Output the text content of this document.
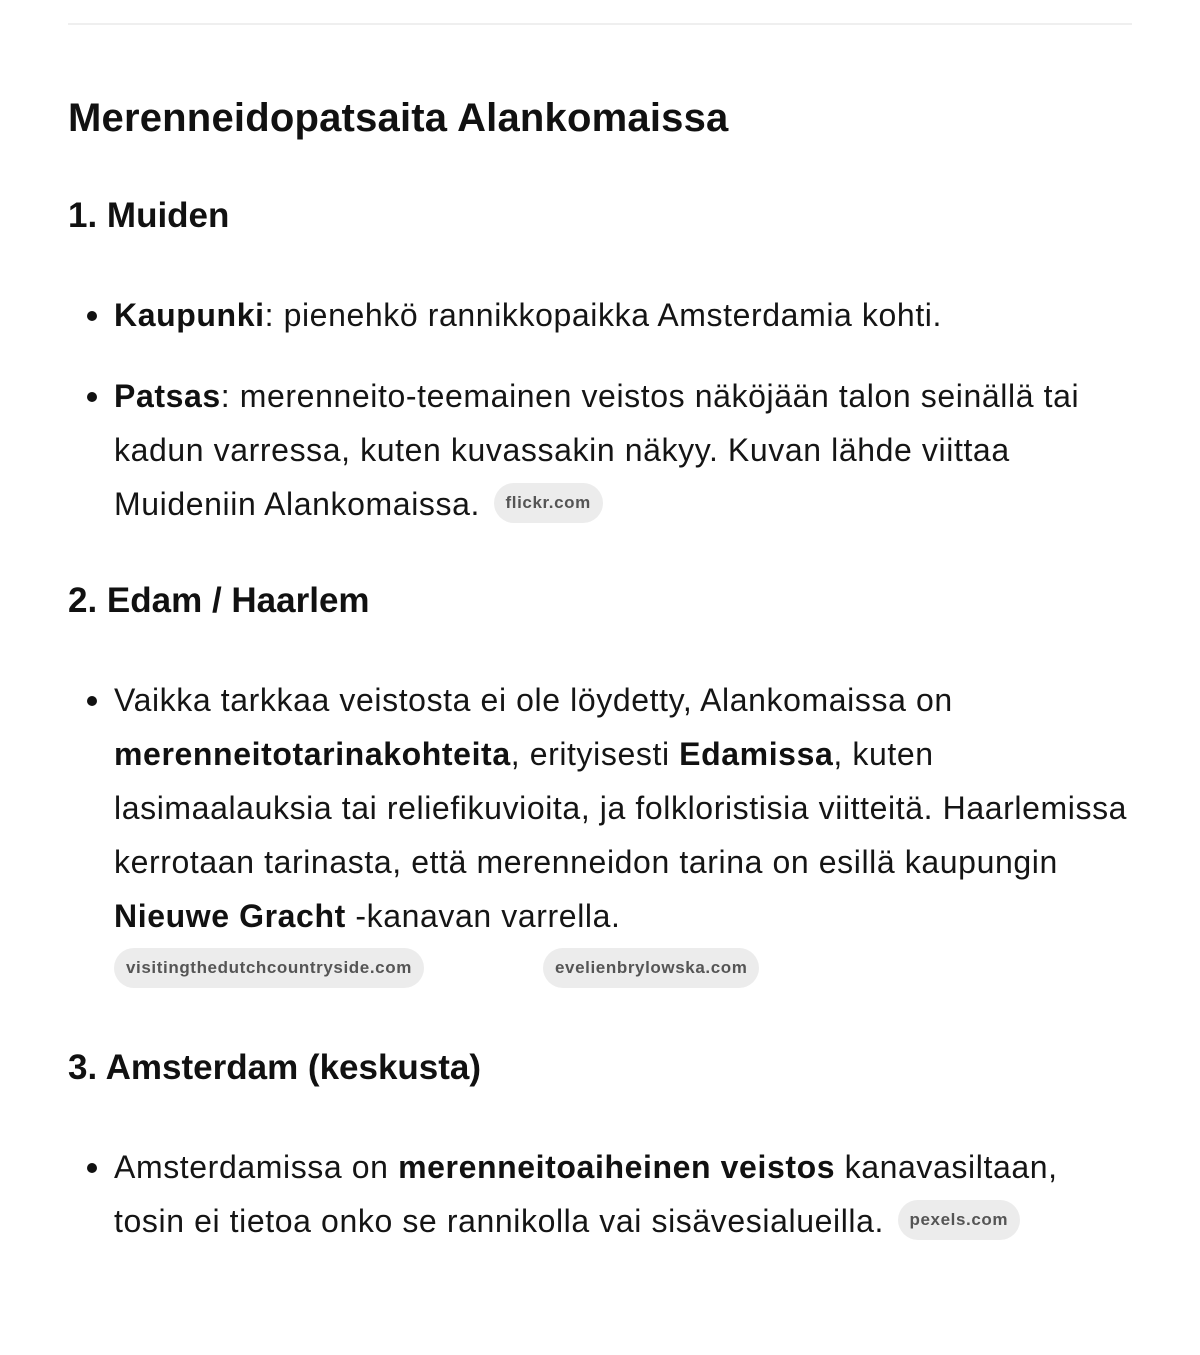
Merenneidopatsaita Alankomaissa
1. Muiden
Kaupunki: pienehkö rannikkopaikka Amsterdamia kohti.
Patsas: merenneito-teemainen veistos näköjään talon seinällä tai kadun varressa, kuten kuvassakin näkyy. Kuvan lähde viittaa Muideniin Alankomaissa. flickr.com
2. Edam / Haarlem
Vaikka tarkkaa veistosta ei ole löydetty, Alankomaissa on merenneitotarinakohteita, erityisesti Edamissa, kuten lasimaalauksia tai reliefikuvioita, ja folkloristisia viitteitä. Haarlemissa kerrotaan tarinasta, että merenneidon tarina on esillä kaupungin Nieuwe Gracht -kanavan varrella.
visitingthedutchcountryside.com	evelienbrylowska.com
3. Amsterdam (keskusta)
Amsterdamissa on merenneitoaiheinen veistos kanavasiltaan, tosin ei tietoa onko se rannikolla vai sisävesialueilla. pexels.com
